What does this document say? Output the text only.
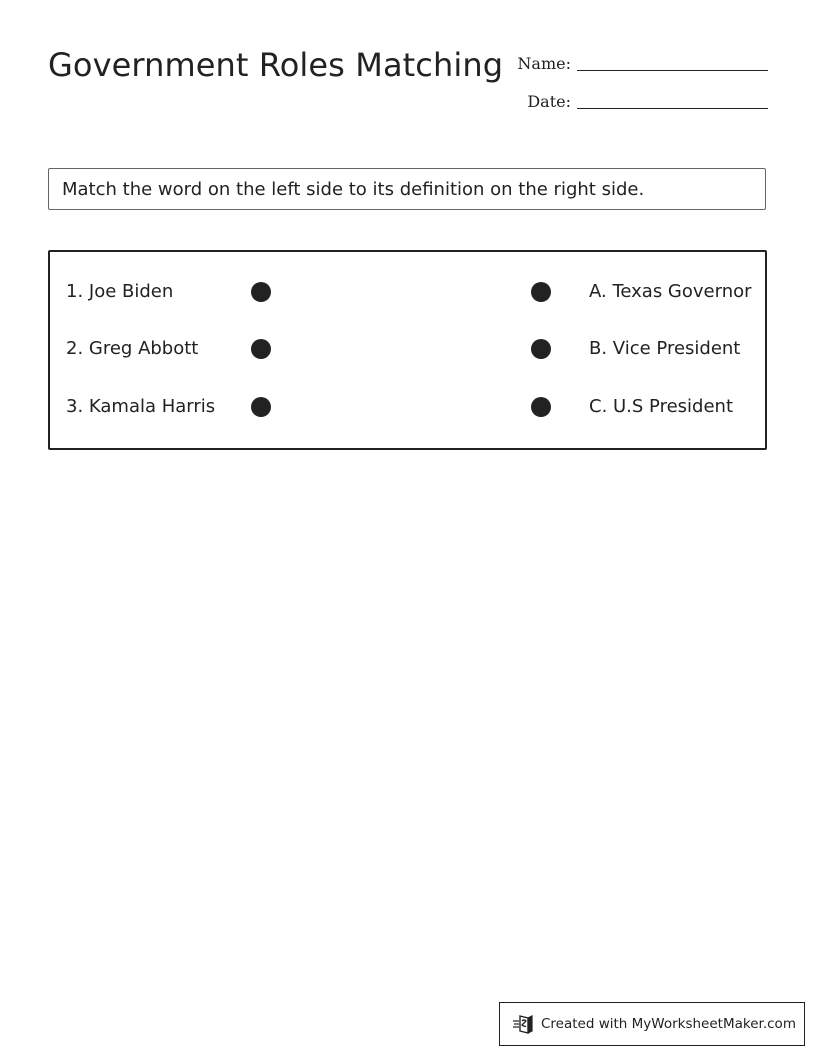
Government Roles Matching Name:
Date:
Match the word on the left side to its definition on the right side.
1. Joe Biden	A. Texas Governor
2. Greg Abbott	B. Vice President
3. Kamala Harris	C. U.S President
Created with MyWorksheetMaker.com
